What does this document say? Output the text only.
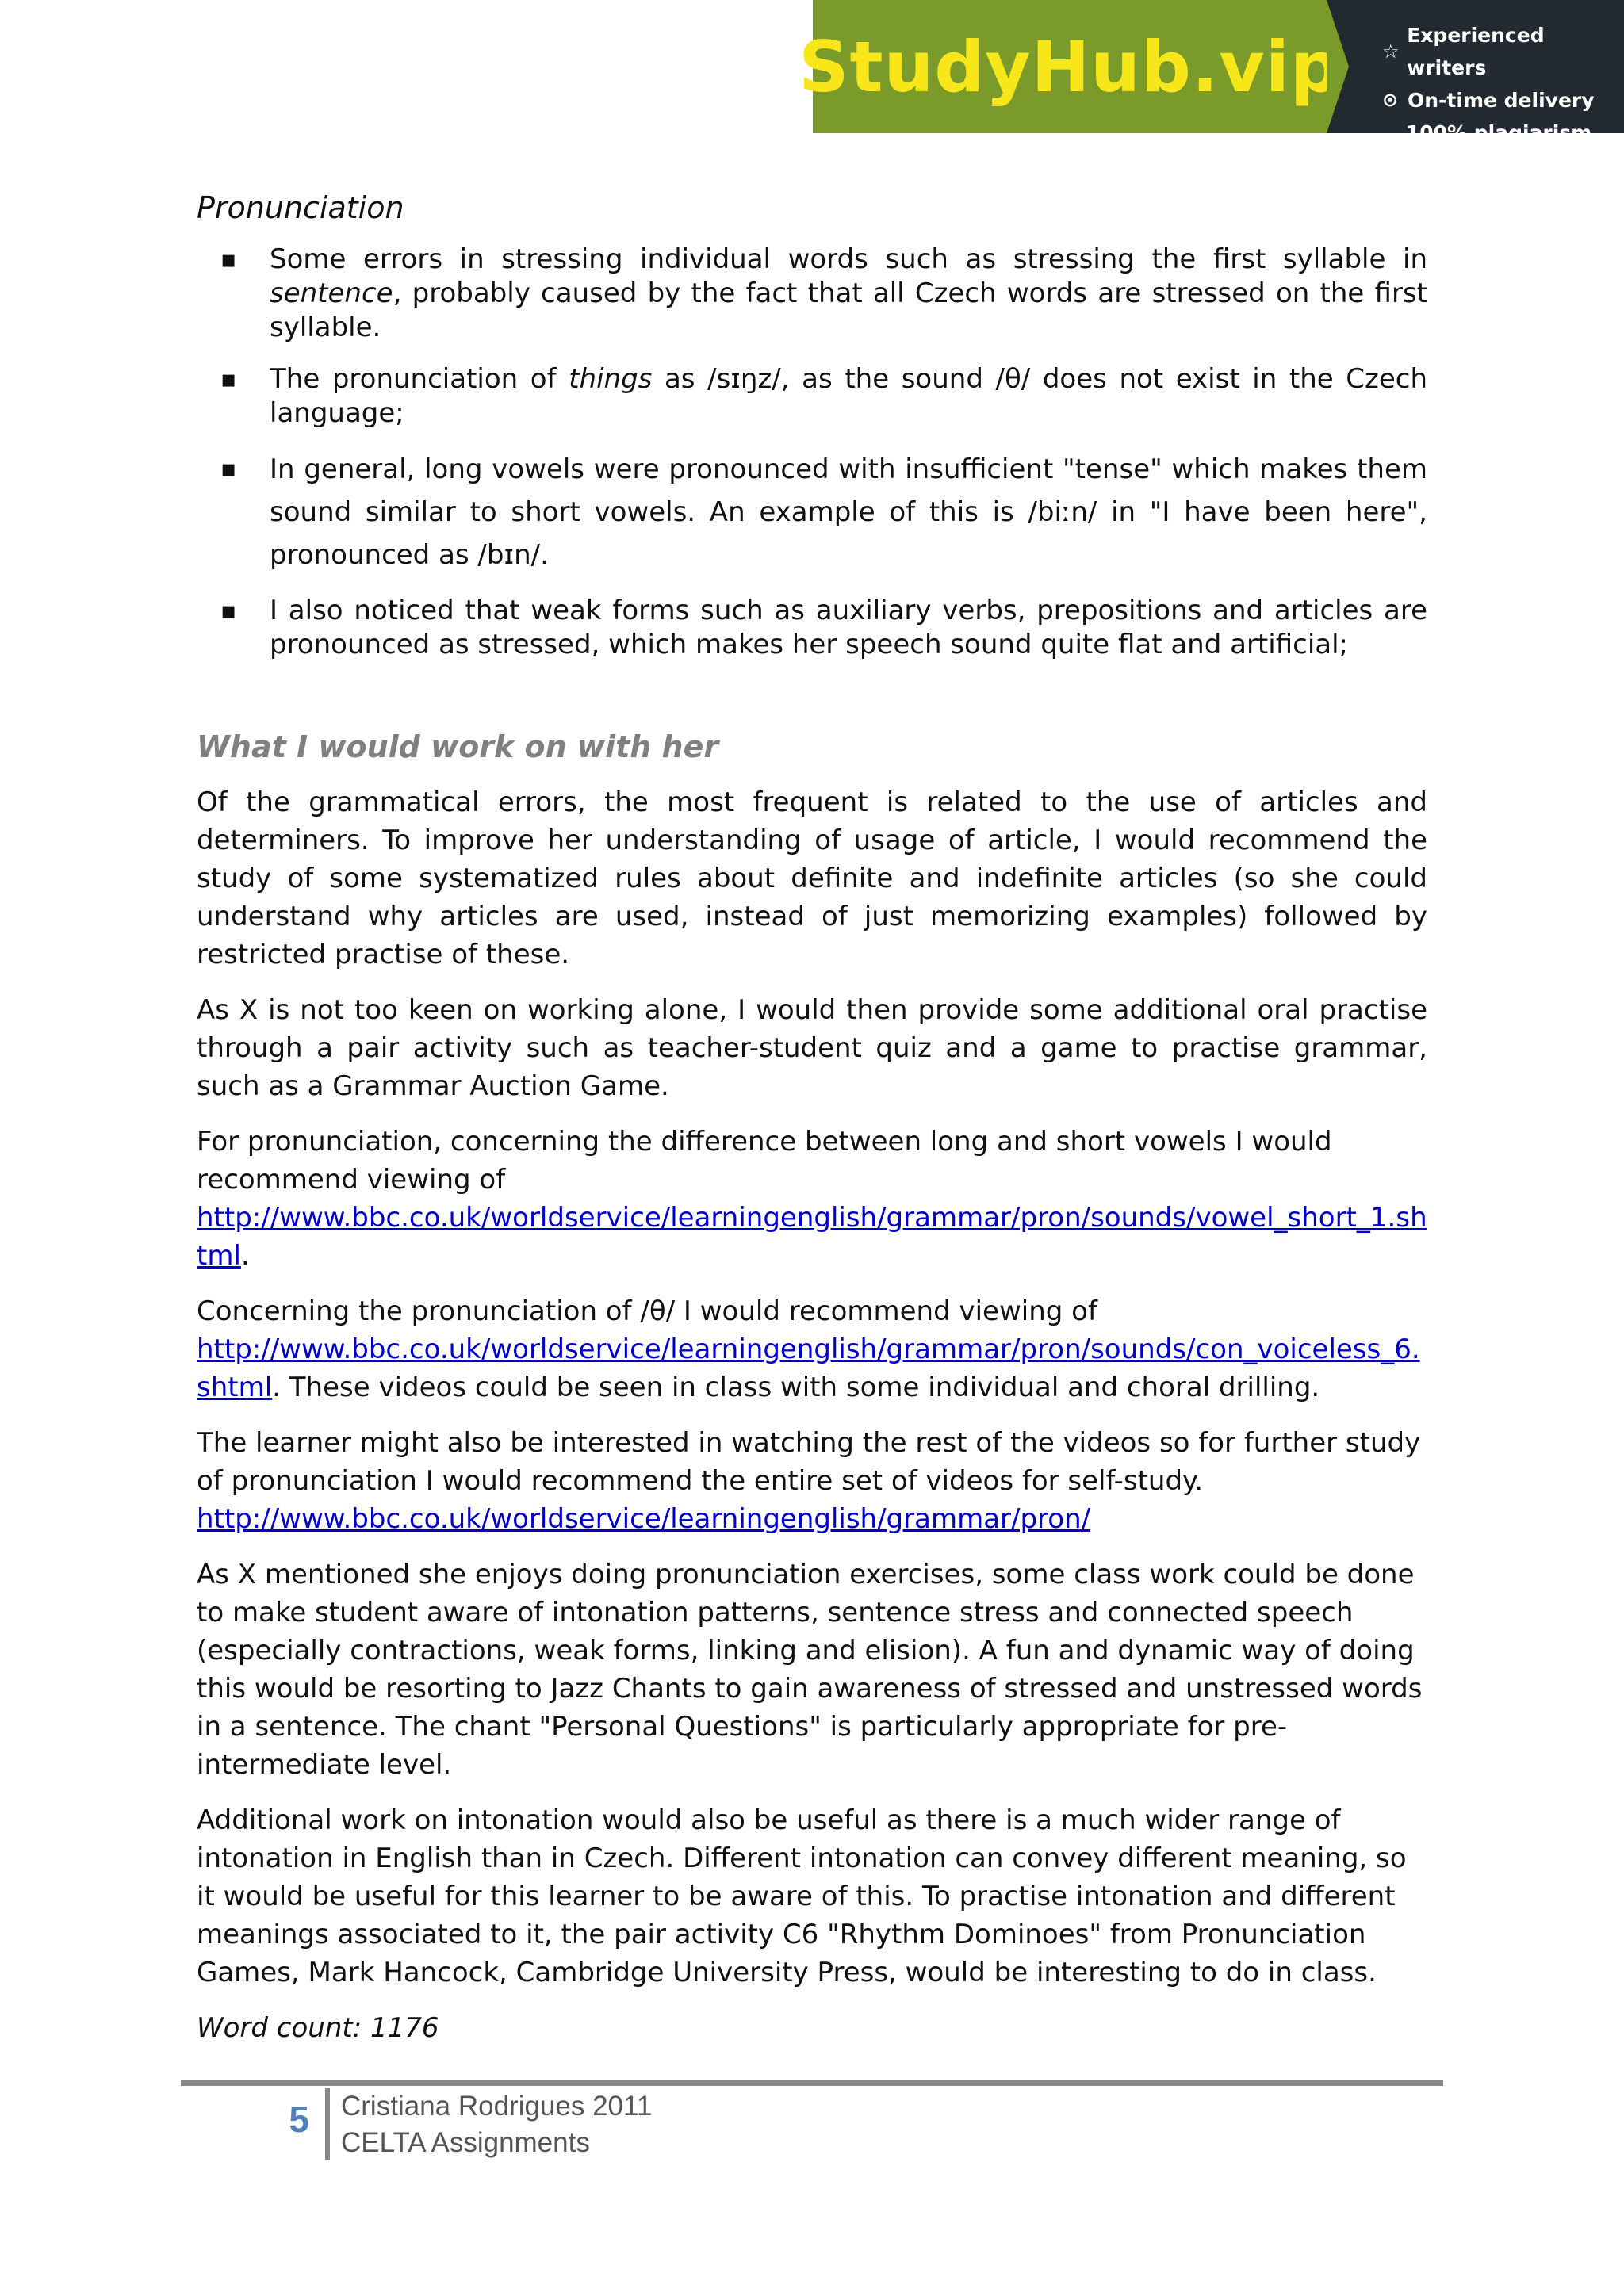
StudyHub.vip ☆
Experienced writers
⊙ On-time delivery
⎘
100% plagiarism free

Pronunciation

▪ Some errors in stressing individual words such as stressing the first syllable in sentence, probably caused by the fact that all Czech words are stressed on the first syllable.
▪ The pronunciation of things as /sɪŋz/, as the sound /θ/ does not exist in the Czech language;
▪ In general, long vowels were pronounced with insufficient "tense" which makes them sound similar to short vowels. An example of this is /biːn/ in "I have been here", pronounced as /bɪn/.
▪ I also noticed that weak forms such as auxiliary verbs, prepositions and articles are pronounced as stressed, which makes her speech sound quite flat and artificial;

What I would work on with her

Of the grammatical errors, the most frequent is related to the use of articles and determiners. To improve her understanding of usage of article, I would recommend the study of some systematized rules about definite and indefinite articles (so she could understand why articles are used, instead of just memorizing examples) followed by restricted practise of these.

As X is not too keen on working alone, I would then provide some additional oral practise through a pair activity such as teacher-student quiz and a game to practise grammar, such as a Grammar Auction Game.

For pronunciation, concerning the difference between long and short vowels I would recommend viewing of
http://www.bbc.co.uk/worldservice/learningenglish/grammar/pron/sounds/vowel_short_1.shtml.

Concerning the pronunciation of /θ/ I would recommend viewing of
http://www.bbc.co.uk/worldservice/learningenglish/grammar/pron/sounds/con_voiceless_6.shtml. These videos could be seen in class with some individual and choral drilling.

The learner might also be interested in watching the rest of the videos so for further study of pronunciation I would recommend the entire set of videos for self-study.
http://www.bbc.co.uk/worldservice/learningenglish/grammar/pron/

As X mentioned she enjoys doing pronunciation exercises, some class work could be done to make student aware of intonation patterns, sentence stress and connected speech (especially contractions, weak forms, linking and elision). A fun and dynamic way of doing this would be resorting to Jazz Chants to gain awareness of stressed and unstressed words in a sentence. The chant "Personal Questions" is particularly appropriate for pre-intermediate level.

Additional work on intonation would also be useful as there is a much wider range of intonation in English than in Czech. Different intonation can convey different meaning, so it would be useful for this learner to be aware of this. To practise intonation and different meanings associated to it, the pair activity C6 "Rhythm Dominoes" from Pronunciation Games, Mark Hancock, Cambridge University Press, would be interesting to do in class.

Word count: 1176

5 Cristiana Rodrigues 2011
CELTA Assignments
